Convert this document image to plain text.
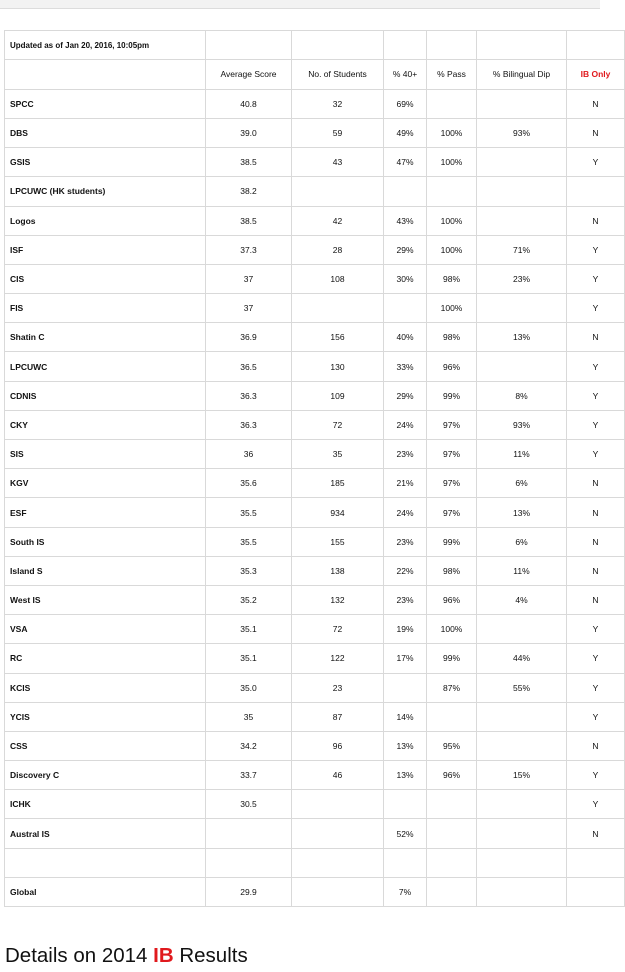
Updated as of Jan 20, 2016, 10:05pm						
	Average Score	No. of Students	% 40+	% Pass	% Bilingual Dip	IB Only
SPCC	40.8	32	69%			N
DBS	39.0	59	49%	100%	93%	N
GSIS	38.5	43	47%	100%		Y
LPCUWC (HK students)	38.2					
Logos	38.5	42	43%	100%		N
ISF	37.3	28	29%	100%	71%	Y
CIS	37	108	30%	98%	23%	Y
FIS	37			100%		Y
Shatin C	36.9	156	40%	98%	13%	N
LPCUWC	36.5	130	33%	96%		Y
CDNIS	36.3	109	29%	99%	8%	Y
CKY	36.3	72	24%	97%	93%	Y
SIS	36	35	23%	97%	11%	Y
KGV	35.6	185	21%	97%	6%	N
ESF	35.5	934	24%	97%	13%	N
South IS	35.5	155	23%	99%	6%	N
Island S	35.3	138	22%	98%	11%	N
West IS	35.2	132	23%	96%	4%	N
VSA	35.1	72	19%	100%		Y
RC	35.1	122	17%	99%	44%	Y
KCIS	35.0	23		87%	55%	Y
YCIS	35	87	14%			Y
CSS	34.2	96	13%	95%		N
Discovery C	33.7	46	13%	96%	15%	Y
ICHK	30.5					Y
Austral IS			52%			N

Global	29.9		7%			
Details on 2014 IB Results
